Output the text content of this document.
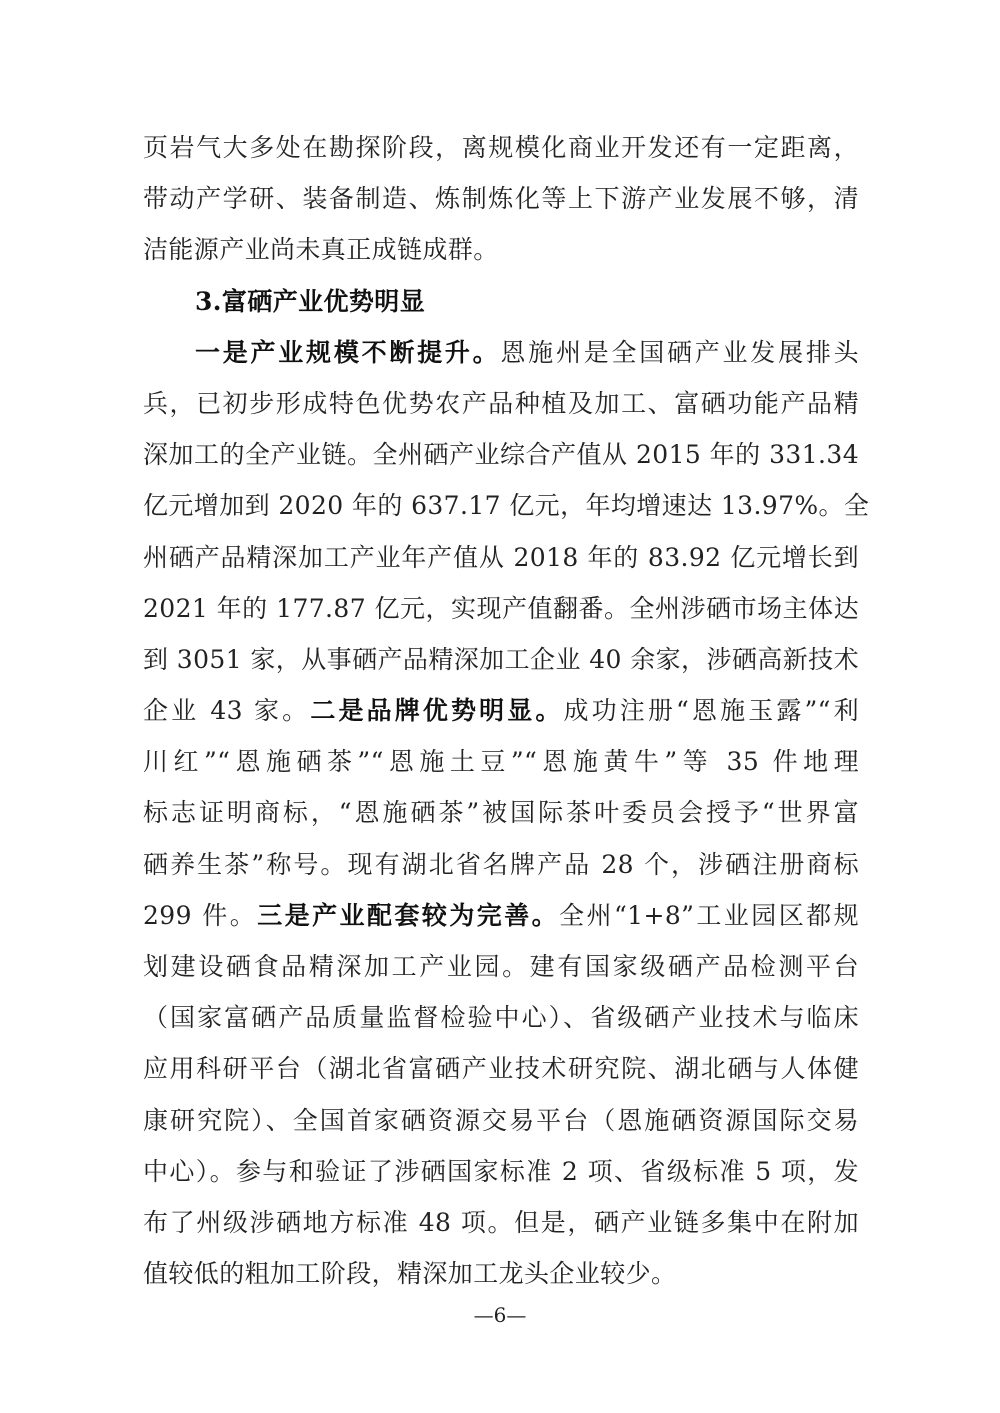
页岩气大多处在勘探阶段，离规模化商业开发还有一定距离，
带动产学研、装备制造、炼制炼化等上下游产业发展不够，清
洁能源产业尚未真正成链成群。
3.富硒产业优势明显
一是产业规模不断提升。恩施州是全国硒产业发展排头
兵，已初步形成特色优势农产品种植及加工、富硒功能产品精
深加工的全产业链。全州硒产业综合产值从 2015 年的 331.34
亿元增加到 2020 年的 637.17 亿元，年均增速达 13.97%。全
州硒产品精深加工产业年产值从 2018 年的 83.92 亿元增长到
2021 年的 177.87 亿元，实现产值翻番。全州涉硒市场主体达
到 3051 家，从事硒产品精深加工企业 40 余家，涉硒高新技术
企业 43 家。二是品牌优势明显。成功注册“恩施玉露”“利
川红”“恩施硒茶”“恩施土豆”“恩施黄牛”等 35 件地理
标志证明商标，“恩施硒茶”被国际茶叶委员会授予“世界富
硒养生茶”称号。现有湖北省名牌产品 28 个，涉硒注册商标
299 件。三是产业配套较为完善。全州“1+8”工业园区都规
划建设硒食品精深加工产业园。建有国家级硒产品检测平台
（国家富硒产品质量监督检验中心）、省级硒产业技术与临床
应用科研平台（湖北省富硒产业技术研究院、湖北硒与人体健
康研究院）、全国首家硒资源交易平台（恩施硒资源国际交易
中心）。参与和验证了涉硒国家标准 2 项、省级标准 5 项，发
布了州级涉硒地方标准 48 项。但是，硒产业链多集中在附加
值较低的粗加工阶段，精深加工龙头企业较少。
—6—
